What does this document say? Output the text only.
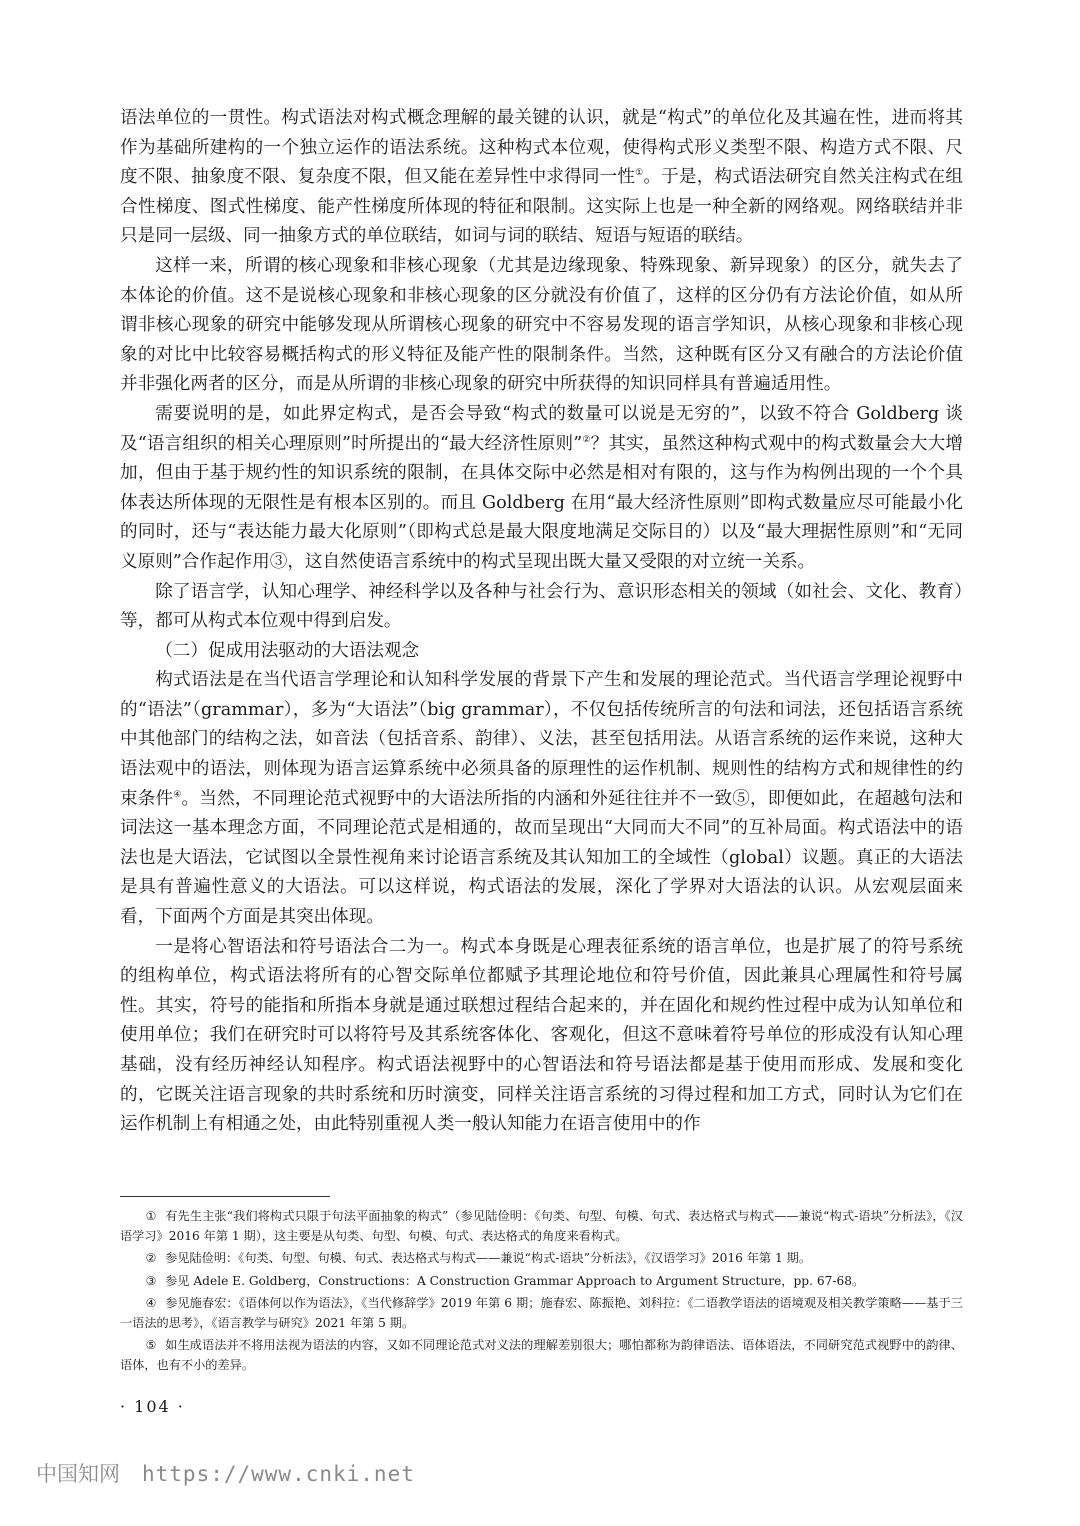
语法单位的一贯性。构式语法对构式概念理解的最关键的认识，就是“构式”的单位化及其遍在性，进而将其作为基础所建构的一个独立运作的语法系统。这种构式本位观，使得构式形义类型不限、构造方式不限、尺度不限、抽象度不限、复杂度不限，但又能在差异性中求得同一性①。于是，构式语法研究自然关注构式在组合性梯度、图式性梯度、能产性梯度所体现的特征和限制。这实际上也是一种全新的网络观。网络联结并非只是同一层级、同一抽象方式的单位联结，如词与词的联结、短语与短语的联结。

这样一来，所谓的核心现象和非核心现象（尤其是边缘现象、特殊现象、新异现象）的区分，就失去了本体论的价值。这不是说核心现象和非核心现象的区分就没有价值了，这样的区分仍有方法论价值，如从所谓非核心现象的研究中能够发现从所谓核心现象的研究中不容易发现的语言学知识，从核心现象和非核心现象的对比中比较容易概括构式的形义特征及能产性的限制条件。当然，这种既有区分又有融合的方法论价值并非强化两者的区分，而是从所谓的非核心现象的研究中所获得的知识同样具有普遍适用性。

需要说明的是，如此界定构式，是否会导致“构式的数量可以说是无穷的”，以致不符合 Goldberg 谈及“语言组织的相关心理原则”时所提出的“最大经济性原则”②？其实，虽然这种构式观中的构式数量会大大增加，但由于基于规约性的知识系统的限制，在具体交际中必然是相对有限的，这与作为构例出现的一个个具体表达所体现的无限性是有根本区别的。而且 Goldberg 在用“最大经济性原则”即构式数量应尽可能最小化的同时，还与“表达能力最大化原则”（即构式总是最大限度地满足交际目的）以及“最大理据性原则”和“无同义原则”合作起作用③，这自然使语言系统中的构式呈现出既大量又受限的对立统一关系。

除了语言学，认知心理学、神经科学以及各种与社会行为、意识形态相关的领域（如社会、文化、教育）等，都可从构式本位观中得到启发。

（二）促成用法驱动的大语法观念

构式语法是在当代语言学理论和认知科学发展的背景下产生和发展的理论范式。当代语言学理论视野中的“语法”（grammar），多为“大语法”（big grammar），不仅包括传统所言的句法和词法，还包括语言系统中其他部门的结构之法，如音法（包括音系、韵律）、义法，甚至包括用法。从语言系统的运作来说，这种大语法观中的语法，则体现为语言运算系统中必须具备的原理性的运作机制、规则性的结构方式和规律性的约束条件④。当然，不同理论范式视野中的大语法所指的内涵和外延往往并不一致⑤，即便如此，在超越句法和词法这一基本理念方面，不同理论范式是相通的，故而呈现出“大同而大不同”的互补局面。构式语法中的语法也是大语法，它试图以全景性视角来讨论语言系统及其认知加工的全域性（global）议题。真正的大语法是具有普遍性意义的大语法。可以这样说，构式语法的发展，深化了学界对大语法的认识。从宏观层面来看，下面两个方面是其突出体现。

一是将心智语法和符号语法合二为一。构式本身既是心理表征系统的语言单位，也是扩展了的符号系统的组构单位，构式语法将所有的心智交际单位都赋予其理论地位和符号价值，因此兼具心理属性和符号属性。其实，符号的能指和所指本身就是通过联想过程结合起来的，并在固化和规约性过程中成为认知单位和使用单位；我们在研究时可以将符号及其系统客体化、客观化，但这不意味着符号单位的形成没有认知心理基础，没有经历神经认知程序。构式语法视野中的心智语法和符号语法都是基于使用而形成、发展和变化的，它既关注语言现象的共时系统和历时演变，同样关注语言系统的习得过程和加工方式，同时认为它们在运作机制上有相通之处，由此特别重视人类一般认知能力在语言使用中的作

① 有先生主张“我们将构式只限于句法平面抽象的构式”（参见陆俭明：《句类、句型、句模、句式、表达格式与构式——兼说“构式-语块”分析法》，《汉语学习》2016 年第 1 期），这主要是从句类、句型、句模、句式、表达格式的角度来看构式。

② 参见陆俭明：《句类、句型、句模、句式、表达格式与构式——兼说“构式-语块”分析法》，《汉语学习》2016 年第 1 期。

③ 参见 Adele E. Goldberg，Constructions：A Construction Grammar Approach to Argument Structure，pp. 67-68。

④ 参见施春宏：《语体何以作为语法》，《当代修辞学》2019 年第 6 期；施春宏、陈振艳、刘科拉：《二语教学语法的语境观及相关教学策略——基于三一语法的思考》，《语言教学与研究》2021 年第 5 期。

⑤ 如生成语法并不将用法视为语法的内容，又如不同理论范式对义法的理解差别很大；哪怕都称为韵律语法、语体语法，不同研究范式视野中的韵律、语体，也有不小的差异。

· 104 ·
中国知网 https://www.cnki.net
